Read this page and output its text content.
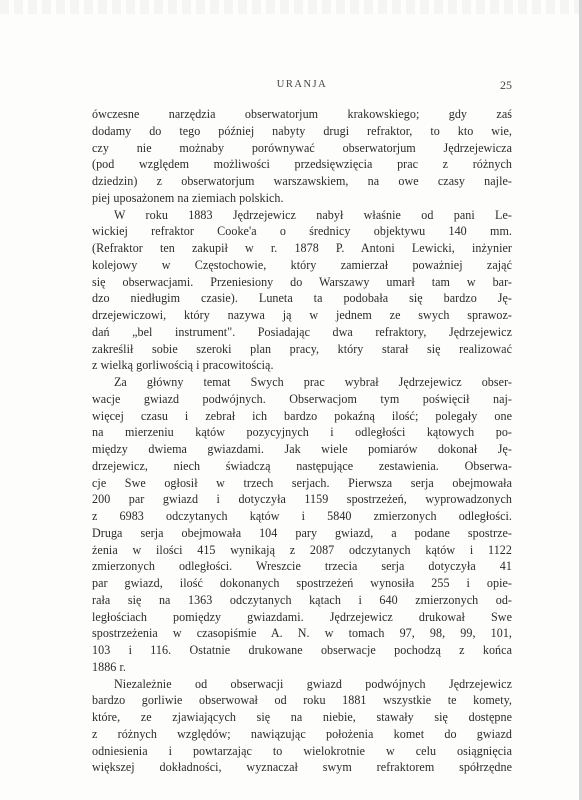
URANJA	25
ówczesne narzędzia obserwatorjum krakowskiego; gdy zaś
dodamy do tego później nabyty drugi refraktor, to kto wie,
czy nie możnaby porównywać obserwatorjum Jędrzejewicza
(pod względem możliwości przedsięwzięcia prac z różnych
dziedzin) z obserwatorjum warszawskiem, na owe czasy najle-
piej uposażonem na ziemiach polskich.
W roku 1883 Jędrzejewicz nabył właśnie od pani Le-
wickiej refraktor Cooke'a o średnicy objektywu 140 mm.
(Refraktor ten zakupił w r. 1878 P. Antoni Lewicki, inżynier
kolejowy w Częstochowie, który zamierzał poważniej zająć
się obserwacjami. Przeniesiony do Warszawy umarł tam w bar-
dzo niedługim czasie). Luneta ta podobała się bardzo Ję-
drzejewiczowi, który nazywa ją w jednem ze swych sprawoz-
dań „bel instrument". Posiadając dwa refraktory, Jędrzejewicz
zakreślił sobie szeroki plan pracy, który starał się realizować
z wielką gorliwością i pracowitością.
Za główny temat Swych prac wybrał Jędrzejewicz obser-
wacje gwiazd podwójnych. Obserwacjom tym poświęcił naj-
więcej czasu i zebrał ich bardzo pokaźną ilość; polegały one
na mierzeniu kątów pozycyjnych i odległości kątowych po-
między dwiema gwiazdami. Jak wiele pomiarów dokonał Ję-
drzejewicz, niech świadczą następujące zestawienia. Obserwa-
cje Swe ogłosił w trzech serjach. Pierwsza serja obejmowała
200 par gwiazd i dotyczyła 1159 spostrzeżeń, wyprowadzonych
z 6983 odczytanych kątów i 5840 zmierzonych odległości.
Druga serja obejmowała 104 pary gwiazd, a podane spostrze-
żenia w ilości 415 wynikają z 2087 odczytanych kątów i 1122
zmierzonych odległości. Wreszcie trzecia serja dotyczyła 41
par gwiazd, ilość dokonanych spostrzeżeń wynosiła 255 i opie-
rała się na 1363 odczytanych kątach i 640 zmierzonych od-
ległościach pomiędzy gwiazdami. Jędrzejewicz drukował Swe
spostrzeżenia w czasopiśmie A. N. w tomach 97, 98, 99, 101,
103 i 116. Ostatnie drukowane obserwacje pochodzą z końca
1886 r.
Niezależnie od obserwacji gwiazd podwójnych Jędrzejewicz
bardzo gorliwie obserwował od roku 1881 wszystkie te komety,
które, ze zjawiających się na niebie, stawały się dostępne
z różnych względów; nawiązując położenia komet do gwiazd
odniesienia i powtarzając to wielokrotnie w celu osiągnięcia
większej dokładności, wyznaczał swym refraktorem spółrzędne
